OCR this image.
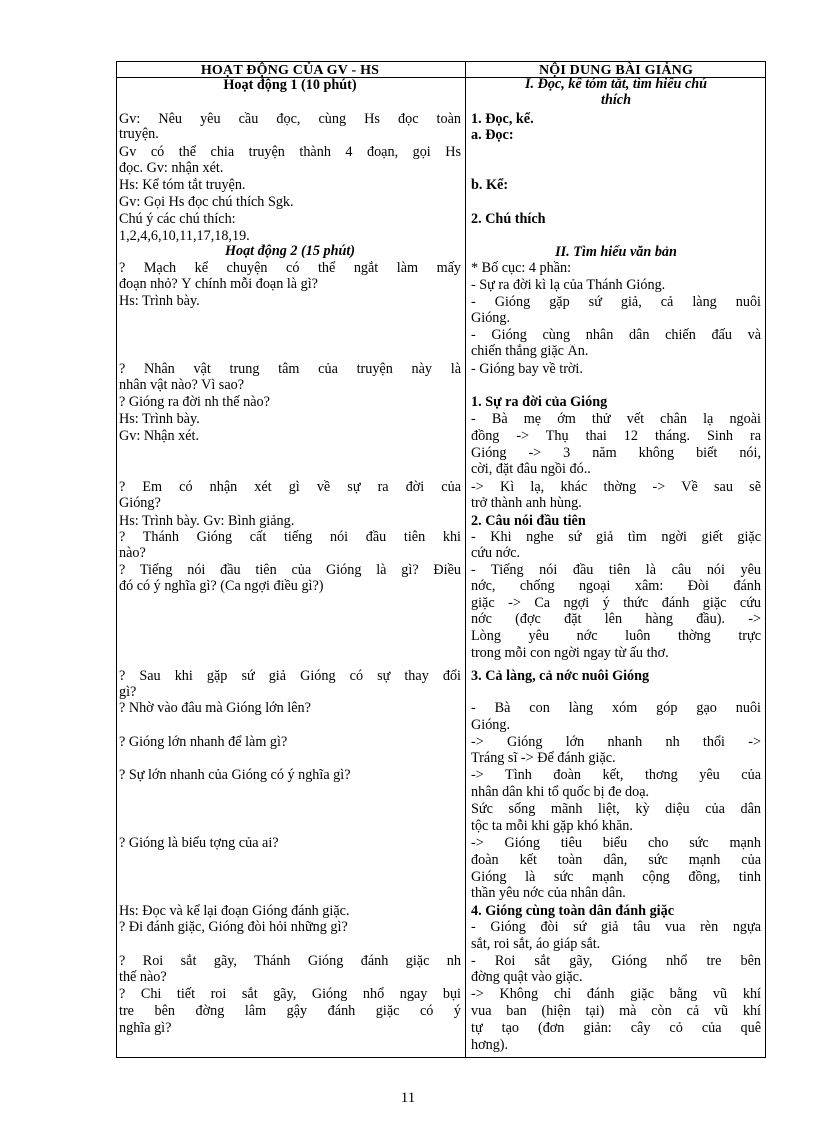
HOẠT ĐỘNG CỦA GV - HS
Hoạt động 1 (10 phút)
Gv: Nêu yêu cầu đọc, cùng Hs đọc toàn
truyện.
Gv có thể chia truyện thành 4 đoạn, gọi Hs
đọc. Gv: nhận xét.
Hs: Kể tóm tắt truyện.
Gv: Gọi Hs đọc chú thích Sgk.
Chú ý các chú thích:
1,2,4,6,10,11,17,18,19.
Hoạt động 2 (15 phút)
? Mạch kể chuyện có thể ngắt làm mấy
đoạn nhỏ? Ý chính mỗi đoạn là gì?
Hs: Trình bày.
? Nhân vật trung tâm của truyện này là
nhân vật nào? Vì sao?
? Gióng ra đời nh thế nào?
Hs: Trình bày.
Gv: Nhận xét.
? Em có nhận xét gì về sự ra đời của
Gióng?
Hs: Trình bày. Gv: Bình giảng.
? Thánh Gióng cất tiếng nói đầu tiên khi
nào?
? Tiếng nói đầu tiên của Gióng là gì? Điều
đó có ý nghĩa gì? (Ca ngợi điều gì?)
? Sau khi gặp sứ giả Gióng có sự thay đổi
gì?
? Nhờ vào đâu mà Gióng lớn lên?
? Gióng lớn nhanh để làm gì?
? Sự lớn nhanh của Gióng có ý nghĩa gì?
? Gióng là biểu tợng của ai?
Hs: Đọc và kể lại đoạn Gióng đánh giặc.
? Đi đánh giặc, Gióng đòi hỏi những gì?
? Roi sắt gãy, Thánh Gióng đánh giặc nh
thế nào?
? Chi tiết roi sắt gãy, Gióng nhổ ngay bụi
tre bên đờng lâm gậy đánh giặc có ý
nghĩa gì?
NỘI DUNG BÀI GIẢNG
I. Đọc, kể tóm tắt, tìm hiểu chú
thích
1. Đọc, kể.
a. Đọc:
b. Kể:
2. Chú thích
II. Tìm hiểu văn bản
* Bố cục: 4 phần:
- Sự ra đời kì lạ của Thánh Gióng.
- Gióng gặp sứ giả, cả làng nuôi
Gióng.
- Gióng cùng nhân dân chiến đấu và
chiến thắng giặc Ân.
- Gióng bay về trời.
1. Sự ra đời của Gióng
- Bà mẹ ớm thử vết chân lạ ngoài
đồng -> Thụ thai 12 tháng. Sinh ra
Gióng -> 3 năm không biết nói,
cời, đặt đâu ngồi đó..
-> Kì lạ, khác thờng -> Về sau sẽ
trở thành anh hùng.
2. Câu nói đầu tiên
- Khi nghe sứ giả tìm ngời giết giặc
cứu nớc.
- Tiếng nói đầu tiên là câu nói yêu
nớc, chống ngoại xâm: Đòi đánh
giặc -> Ca ngợi ý thức đánh giặc cứu
nớc (đợc đặt lên hàng đầu). ->
Lòng yêu nớc luôn thờng trực
trong mỗi con ngời ngay từ ấu thơ.
3. Cả làng, cả nớc nuôi Gióng
- Bà con làng xóm góp gạo nuôi
Gióng.
-> Gióng lớn nhanh nh thổi ->
Tráng sĩ -> Để đánh giặc.
-> Tình đoàn kết, thơng yêu của
nhân dân khi tổ quốc bị đe doạ.
Sức sống mãnh liệt, kỳ diệu của dân
tộc ta mỗi khi gặp khó khăn.
-> Gióng tiêu biểu cho sức mạnh
đoàn kết toàn dân, sức mạnh của
Gióng là sức mạnh cộng đồng, tinh
thần yêu nớc của nhân dân.
4. Gióng cùng toàn dân đánh giặc
- Gióng đòi sứ giả tâu vua rèn ngựa
sắt, roi sắt, áo giáp sắt.
- Roi sắt gãy, Gióng nhổ tre bên
đờng quật vào giặc.
-> Không chỉ đánh giặc bằng vũ khí
vua ban (hiện tại) mà còn cả vũ khí
tự tạo (đơn giản: cây cỏ của quê
hơng).
11
